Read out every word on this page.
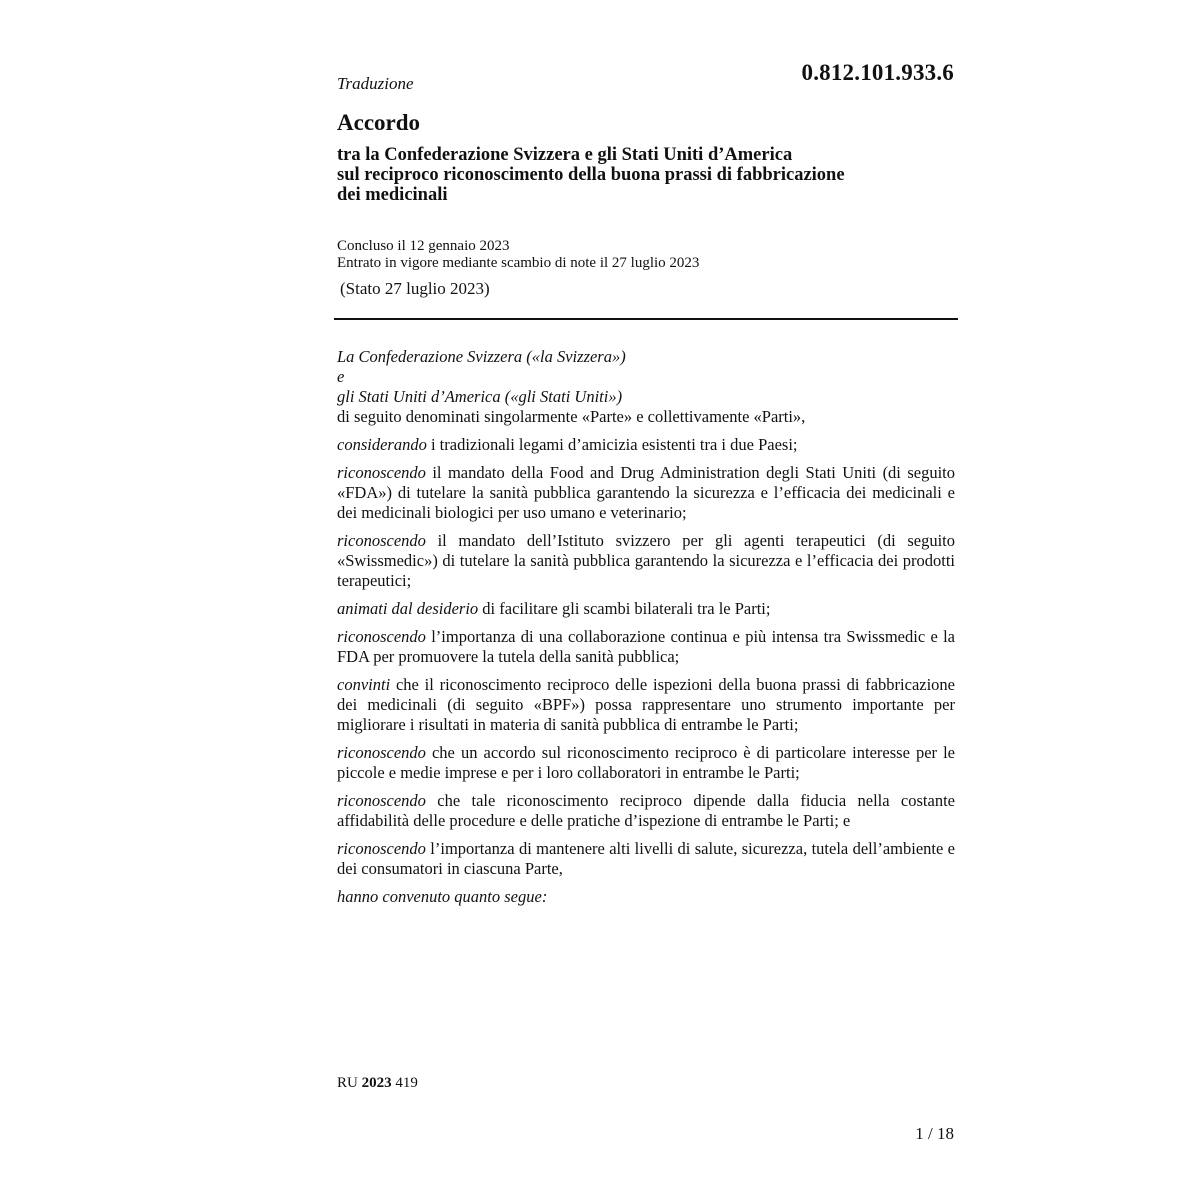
0.812.101.933.6
Traduzione
Accordo
tra la Confederazione Svizzera e gli Stati Uniti d’America
sul reciproco riconoscimento della buona prassi di fabbricazione
dei medicinali
Concluso il 12 gennaio 2023
Entrato in vigore mediante scambio di note il 27 luglio 2023
(Stato 27 luglio 2023)
La Confederazione Svizzera («la Svizzera»)
e
gli Stati Uniti d’America («gli Stati Uniti»)
di seguito denominati singolarmente «Parte» e collettivamente «Parti»,

considerando i tradizionali legami d’amicizia esistenti tra i due Paesi;

riconoscendo il mandato della Food and Drug Administration degli Stati Uniti (di seguito «FDA») di tutelare la sanità pubblica garantendo la sicurezza e l’efficacia dei medicinali e dei medicinali biologici per uso umano e veterinario;

riconoscendo il mandato dell’Istituto svizzero per gli agenti terapeutici (di seguito «Swissmedic») di tutelare la sanità pubblica garantendo la sicurezza e l’efficacia dei prodotti terapeutici;

animati dal desiderio di facilitare gli scambi bilaterali tra le Parti;

riconoscendo l’importanza di una collaborazione continua e più intensa tra Swissmedic e la FDA per promuovere la tutela della sanità pubblica;

convinti che il riconoscimento reciproco delle ispezioni della buona prassi di fabbricazione dei medicinali (di seguito «BPF») possa rappresentare uno strumento importante per migliorare i risultati in materia di sanità pubblica di entrambe le Parti;

riconoscendo che un accordo sul riconoscimento reciproco è di particolare interesse per le piccole e medie imprese e per i loro collaboratori in entrambe le Parti;

riconoscendo che tale riconoscimento reciproco dipende dalla fiducia nella costante affidabilità delle procedure e delle pratiche d’ispezione di entrambe le Parti; e

riconoscendo l’importanza di mantenere alti livelli di salute, sicurezza, tutela dell’ambiente e dei consumatori in ciascuna Parte,

hanno convenuto quanto segue:
RU 2023 419
1 / 18
